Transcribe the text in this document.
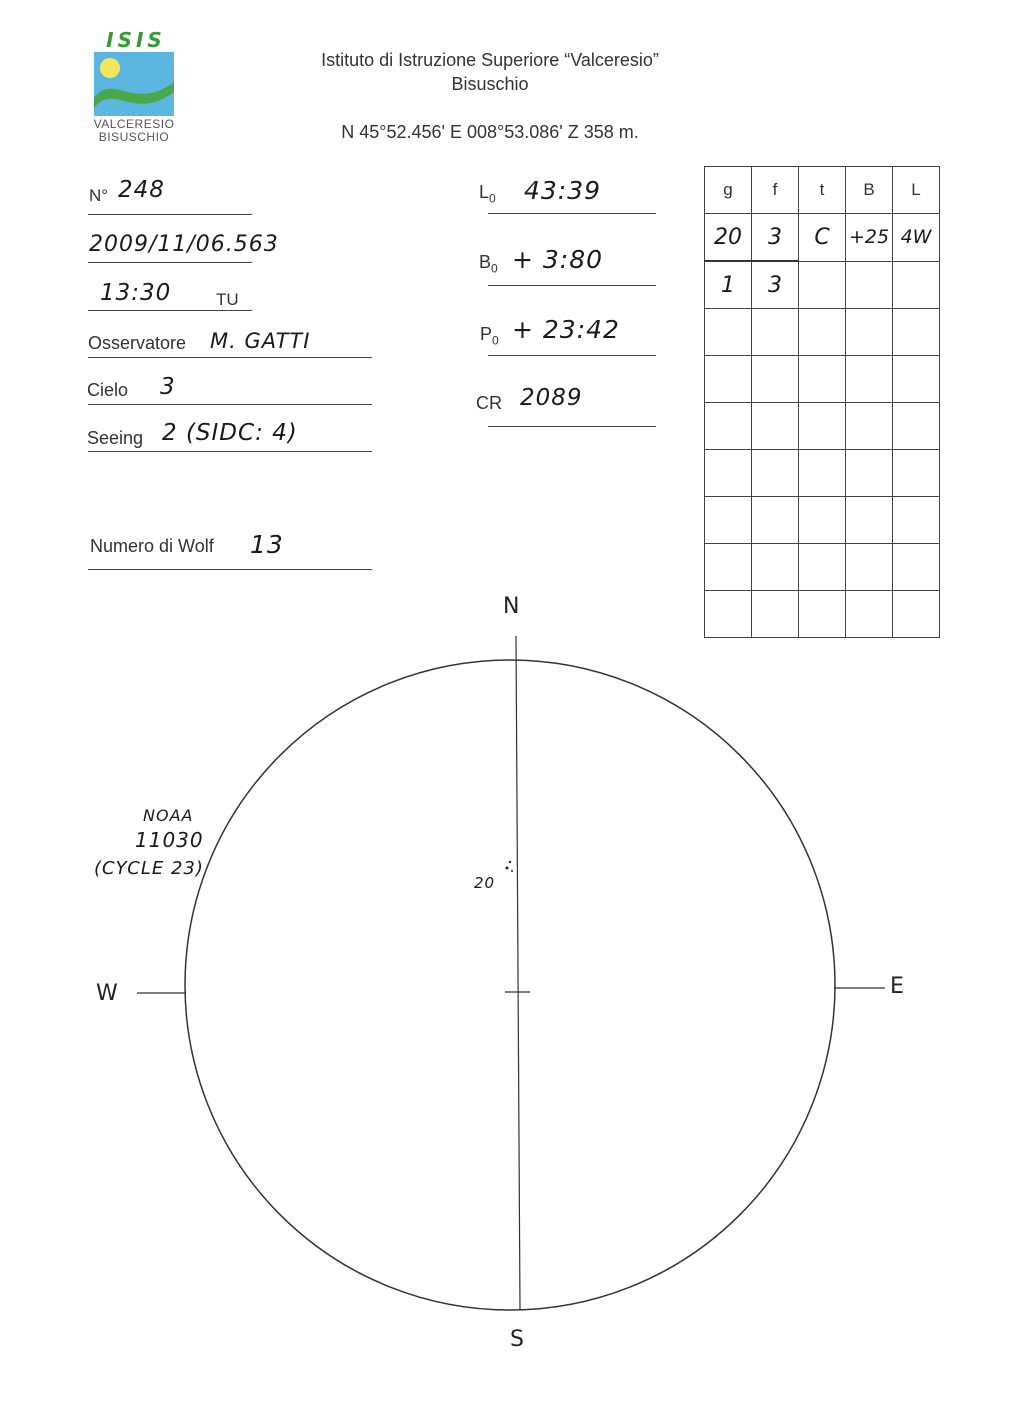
ISIS
VALCERESIO
BISUSCHIO
Istituto di Istruzione Superiore “Valceresio”
Bisuschio
N 45°52.456' E 008°53.086' Z 358 m.
N° 248
2009/11/06.563
13:30	TU
Osservatore M. GATTI
Cielo 3
Seeing 2 (SIDC: 4)
Numero di Wolf 13
$L_0$ 43:39
$B_0$ + 3:80
$P_0$ + 23:42
CR 2089
g	f	t	B	L
20	3	C	+25	4W
1	3			

N
S
E
W
20
NOAA
11030
(CYCLE 23)
